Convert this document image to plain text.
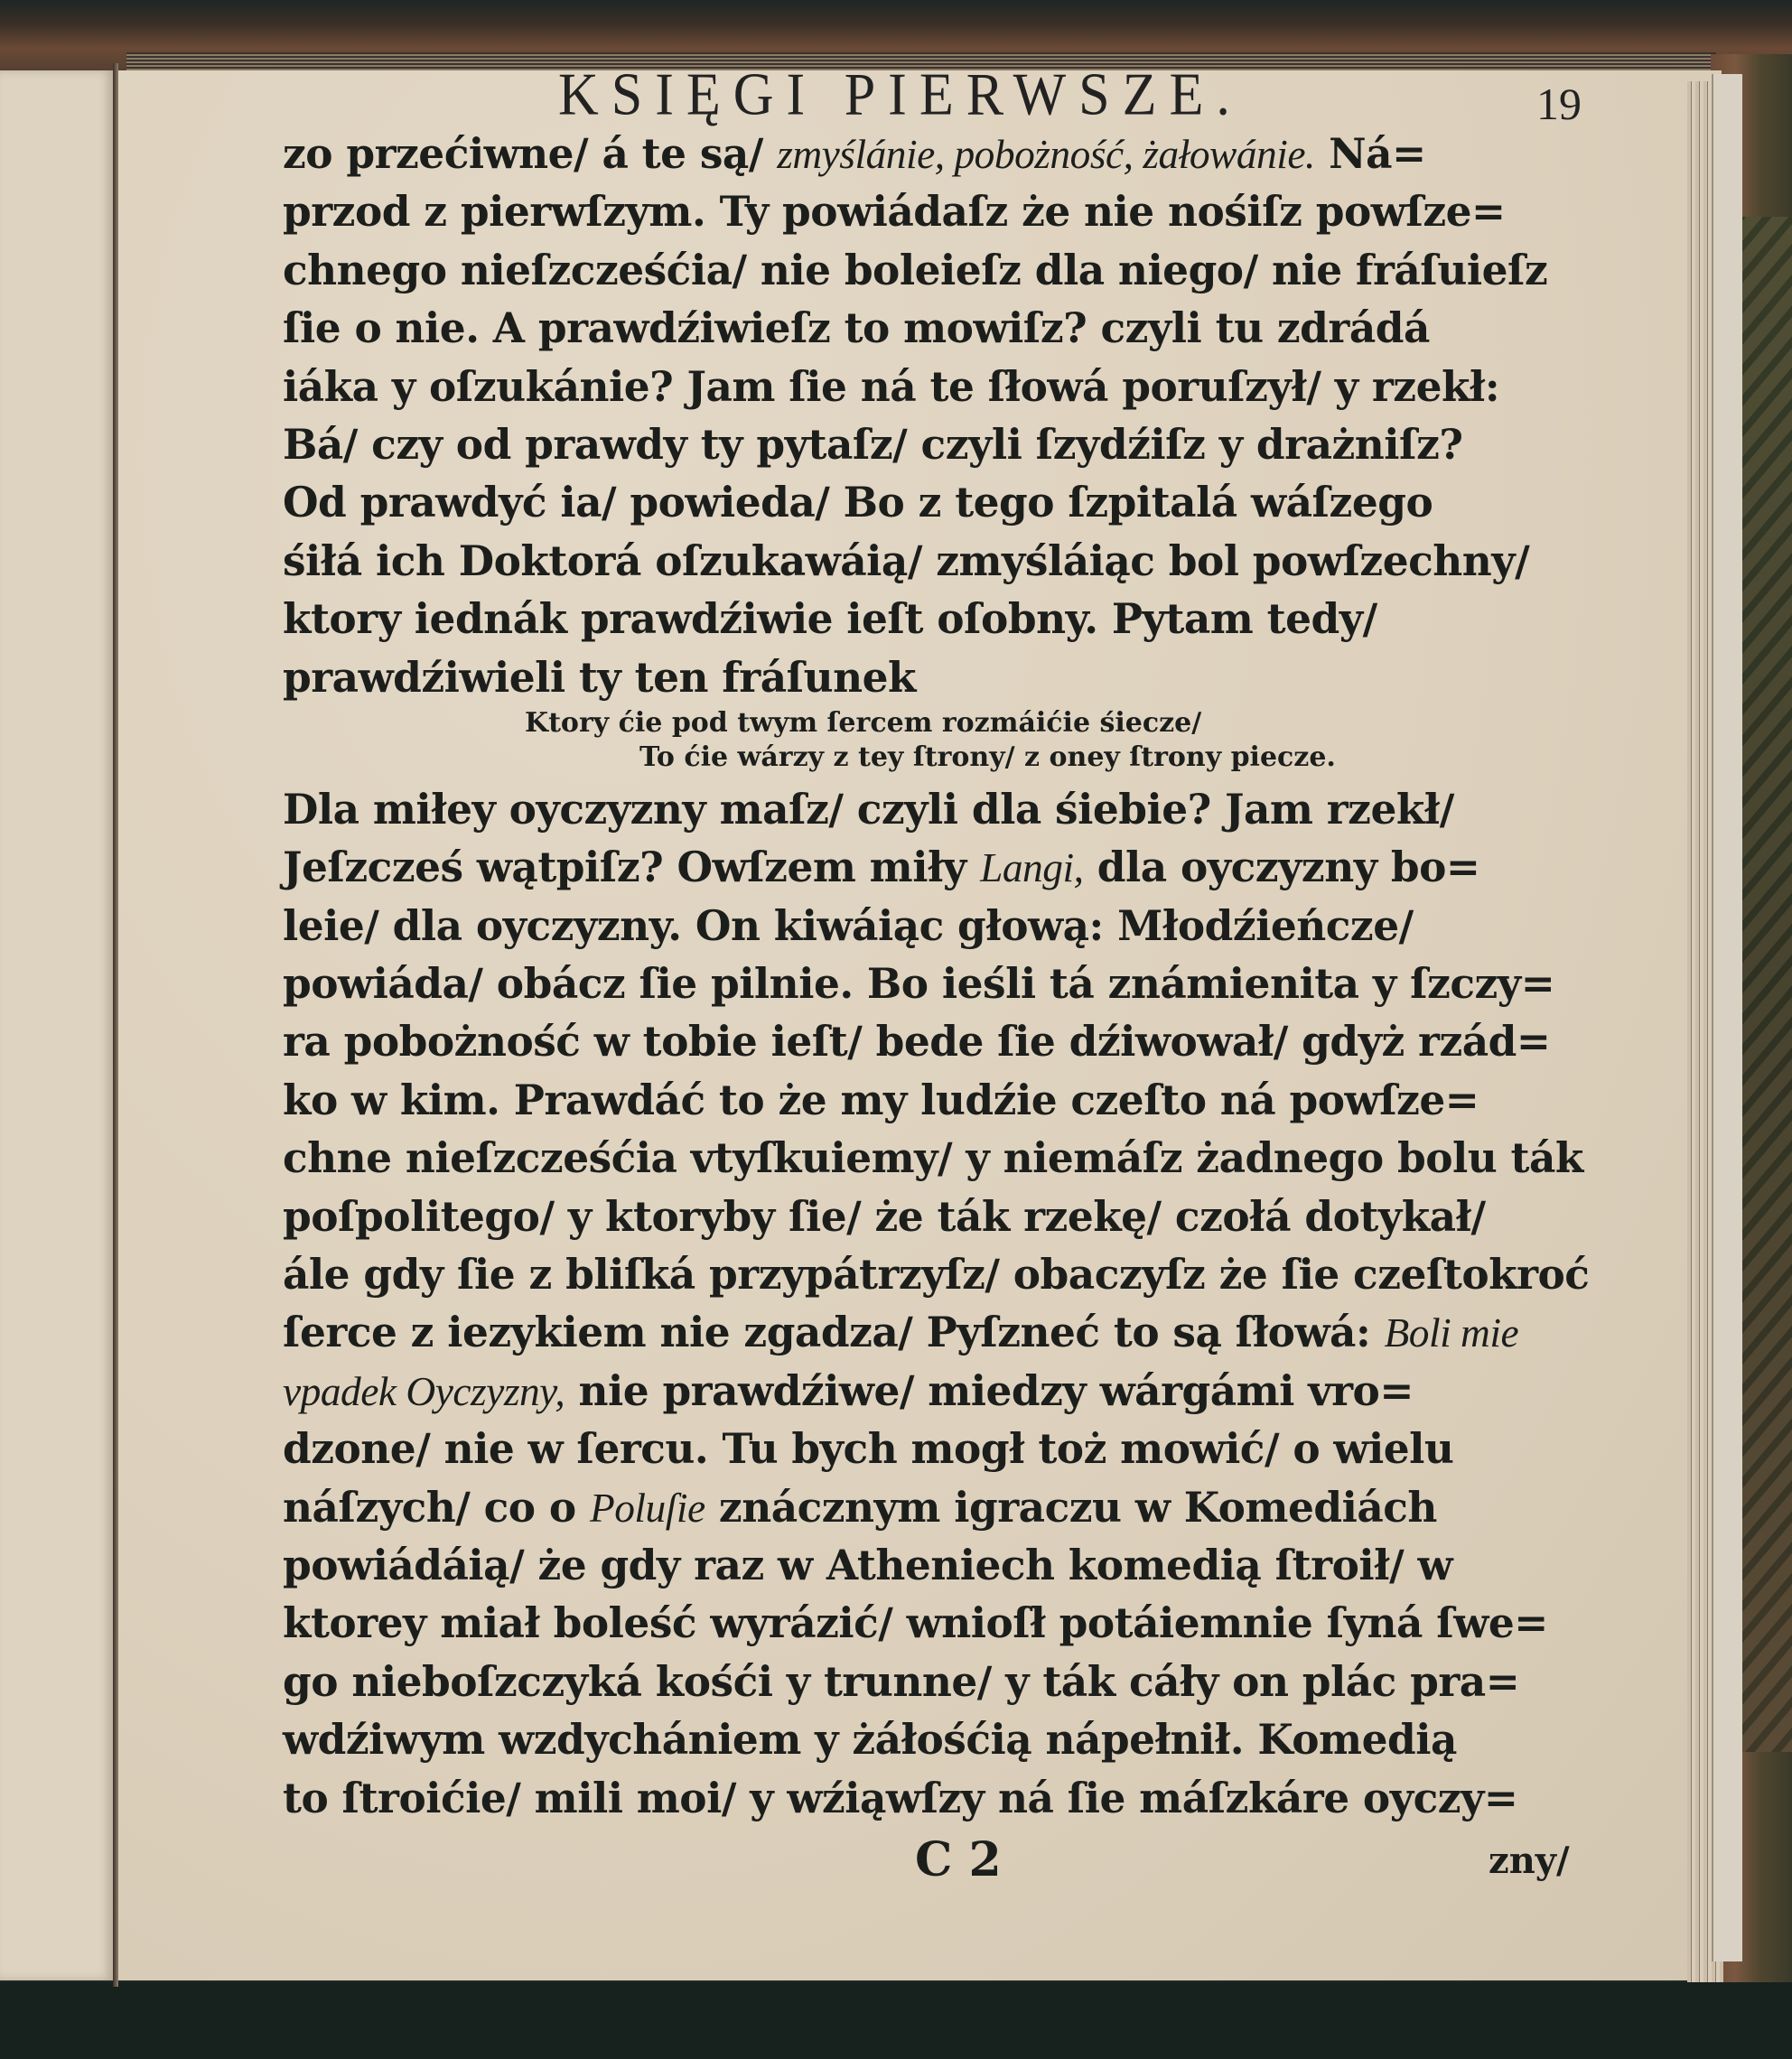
KSIĘGI PIERWSZE.	19
zo przećiwne/ á te są/ zmyślánie, pobożność, żałowánie. Ná=
przod z pierwſzym. Ty powiádaſz że nie nośiſz powſze=
chnego nieſzcześćia/ nie boleieſz dla niego/ nie fráſuieſz
ſie o nie. A prawdźiwieſz to mowiſz? czyli tu zdrádá
iáka y oſzukánie? Jam ſie ná te ſłowá poruſzył/ y rzekł:
Bá/ czy od prawdy ty pytaſz/ czyli ſzydźiſz y drażniſz?
Od prawdyć ia/ powieda/ Bo z tego ſzpitalá wáſzego
śiłá ich Doktorá oſzukawáią/ zmyśláiąc bol powſzechny/
ktory iednák prawdźiwie ieſt oſobny. Pytam tedy/
prawdźiwieli ty ten fráſunek
Ktory ćie pod twym ſercem rozmáićie śiecze/
To ćie wárzy z tey ſtrony/ z oney ſtrony piecze.
Dla miłey oyczyzny maſz/ czyli dla śiebie? Jam rzekł/
Jeſzcześ wątpiſz? Owſzem miły Langi, dla oyczyzny bo=
leie/ dla oyczyzny. On kiwáiąc głową: Młodźieńcze/
powiáda/ obácz ſie pilnie. Bo ieśli tá známienita y ſzczy=
ra pobożność w tobie ieſt/ bede ſie dźiwował/ gdyż rzád=
ko w kim. Prawdáć to że my ludźie czeſto ná powſze=
chne nieſzcześćia vtyſkuiemy/ y niemáſz żadnego bolu ták
poſpolitego/ y ktoryby ſie/ że ták rzekę/ czołá dotykał/
ále gdy ſie z bliſká przypátrzyſz/ obaczyſz że ſie czeſtokroć
ſerce z iezykiem nie zgadza/ Pyſzneć to są ſłowá: Boli mie
vpadek Oyczyzny, nie prawdźiwe/ miedzy wárgámi vro=
dzone/ nie w ſercu. Tu bych mogł toż mowić/ o wielu
náſzych/ co o Poluſie znácznym igraczu w Komediách
powiádáią/ że gdy raz w Atheniech komedią ſtroił/ w
ktorey miał boleść wyrázić/ wnioſł potáiemnie ſyná ſwe=
go nieboſzczyká kośći y trunne/ y ták cáły on plác pra=
wdźiwym wzdychániem y żáłośćią nápełnił. Komedią
to ſtroićie/ mili moi/ y wźiąwſzy ná ſie máſzkáre oyczy=
C 2	zny/
